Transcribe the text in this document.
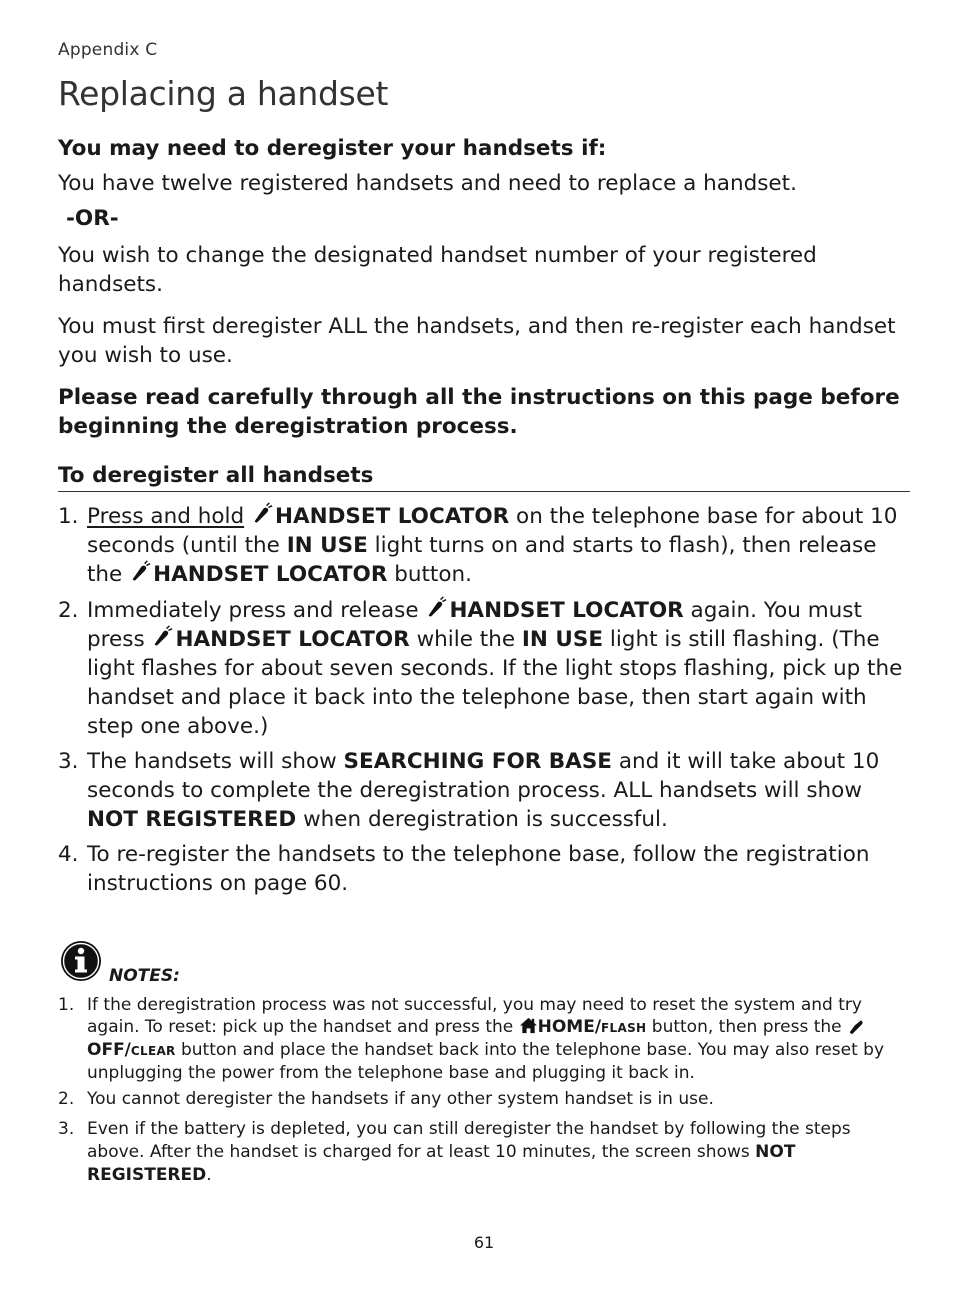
Appendix C
Replacing a handset

You may need to deregister your handsets if:

You have twelve registered handsets and need to replace a handset.

-OR-

You wish to change the designated handset number of your registered handsets.

You must first deregister ALL the handsets, and then re-register each handset you wish to use.

Please read carefully through all the instructions on this page before beginning the deregistration process.

To deregister all handsets
1. Press and hold HANDSET LOCATOR on the telephone base for about 10 seconds (until the IN USE light turns on and starts to flash), then release the
HANDSET LOCATOR button.
2. Immediately press and release
HANDSET LOCATOR again. You must press
HANDSET LOCATOR while the IN USE light is still flashing. (The light flashes for about seven seconds. If the light stops flashing, pick up the handset and place it back into the telephone base, then start again with step one above.)
3. The handsets will show SEARCHING FOR BASE and it will take about 10 seconds to complete the deregistration process. ALL handsets will show NOT REGISTERED when deregistration is successful.
4. To re-register the handsets to the telephone base, follow the registration instructions on page 60.
NOTES:
1. If the deregistration process was not successful, you may need to reset the system and try again. To reset: pick up the handset and press the
HOME/FLASH button, then press the
OFF/CLEAR button and place the handset back into the telephone base. You may also reset by unplugging the power from the telephone base and plugging it back in.
2. You cannot deregister the handsets if any other system handset is in use.
3. Even if the battery is depleted, you can still deregister the handset by following the steps above. After the handset is charged for at least 10 minutes, the screen shows NOT REGISTERED.
61
